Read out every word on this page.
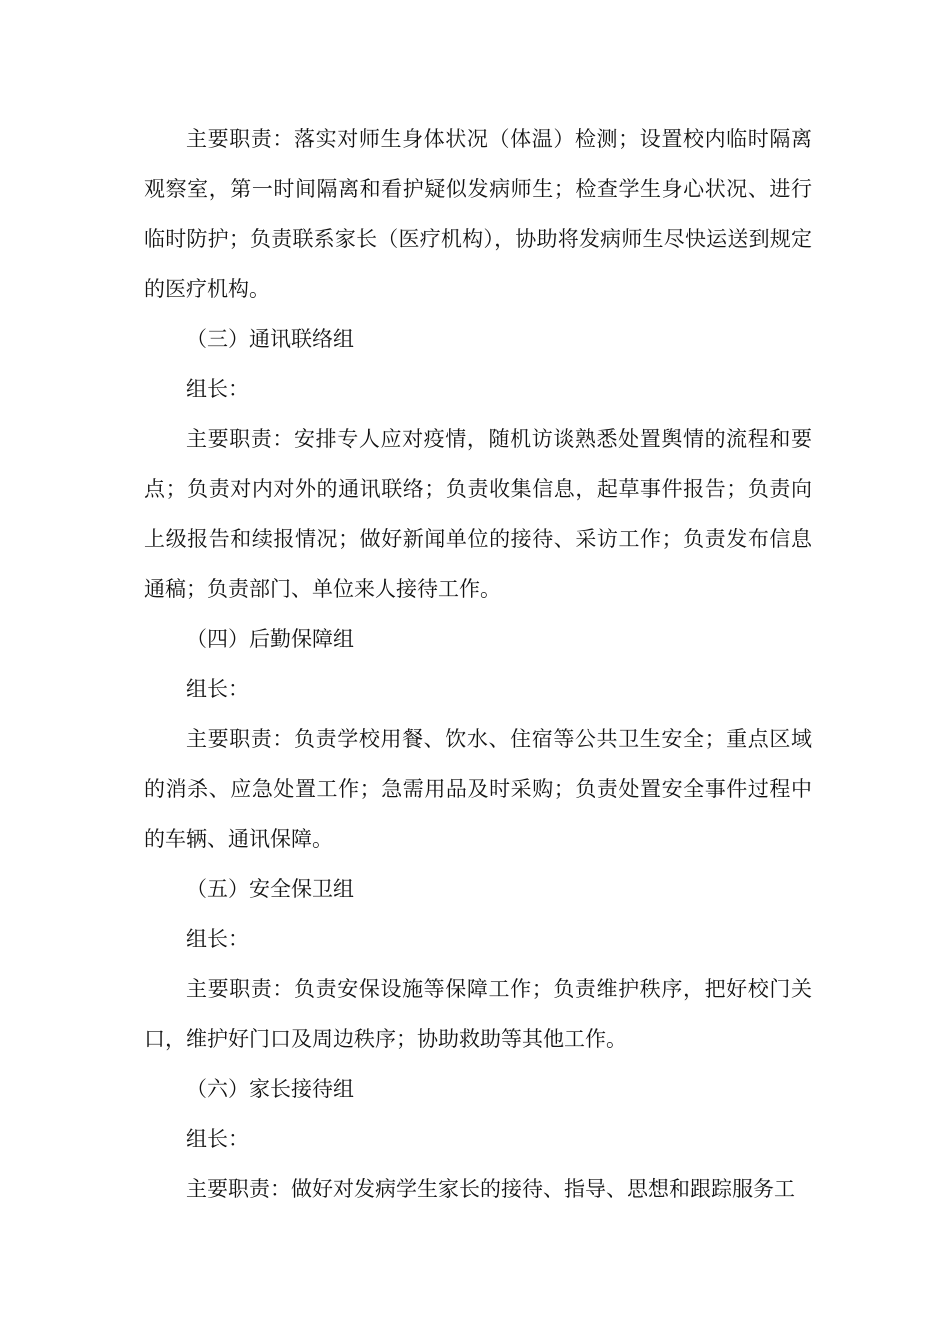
主要职责：落实对师生身体状况（体温）检测；设置校内临时隔离观察室，第一时间隔离和看护疑似发病师生；检查学生身心状况、进行临时防护；负责联系家长（医疗机构），协助将发病师生尽快运送到规定的医疗机构。

（三）通讯联络组

组长：

主要职责：安排专人应对疫情，随机访谈熟悉处置舆情的流程和要点；负责对内对外的通讯联络；负责收集信息，起草事件报告；负责向上级报告和续报情况；做好新闻单位的接待、采访工作；负责发布信息通稿；负责部门、单位来人接待工作。

（四）后勤保障组

组长：

主要职责：负责学校用餐、饮水、住宿等公共卫生安全；重点区域的消杀、应急处置工作；急需用品及时采购；负责处置安全事件过程中的车辆、通讯保障。

（五）安全保卫组

组长：

主要职责：负责安保设施等保障工作；负责维护秩序，把好校门关口，维护好门口及周边秩序；协助救助等其他工作。

（六）家长接待组

组长：

主要职责：做好对发病学生家长的接待、指导、思想和跟踪服务工
